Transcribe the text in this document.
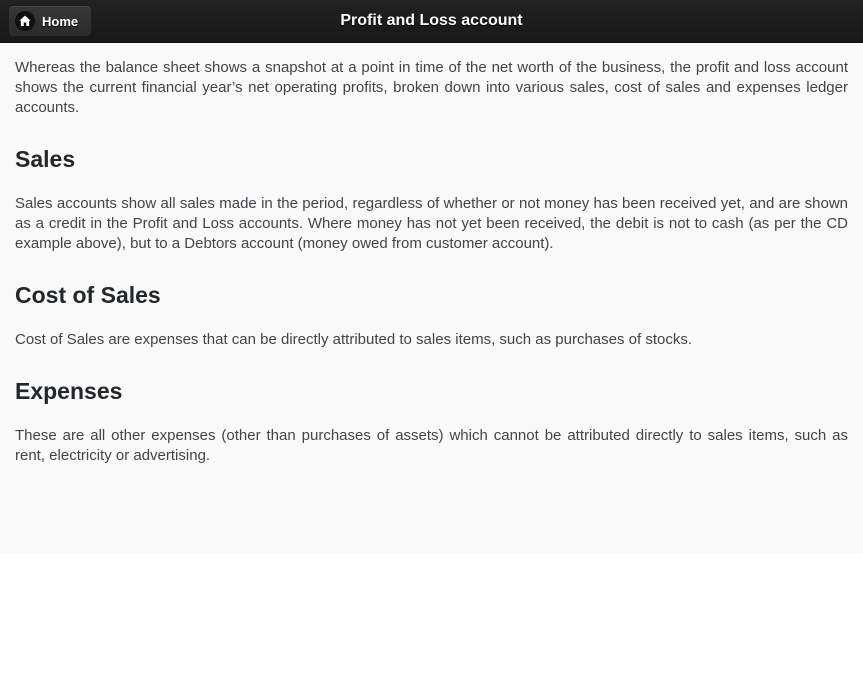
Home	Profit and Loss account

Whereas the balance sheet shows a snapshot at a point in time of the net worth of the business, the profit and loss account shows the current financial year’s net operating profits, broken down into various sales, cost of sales and expenses ledger accounts.

Sales

Sales accounts show all sales made in the period, regardless of whether or not money has been received yet, and are shown as a credit in the Profit and Loss accounts. Where money has not yet been received, the debit is not to cash (as per the CD example above), but to a Debtors account (money owed from customer account).

Cost of Sales

Cost of Sales are expenses that can be directly attributed to sales items, such as purchases of stocks.

Expenses

These are all other expenses (other than purchases of assets) which cannot be attributed directly to sales items, such as rent, electricity or advertising.
